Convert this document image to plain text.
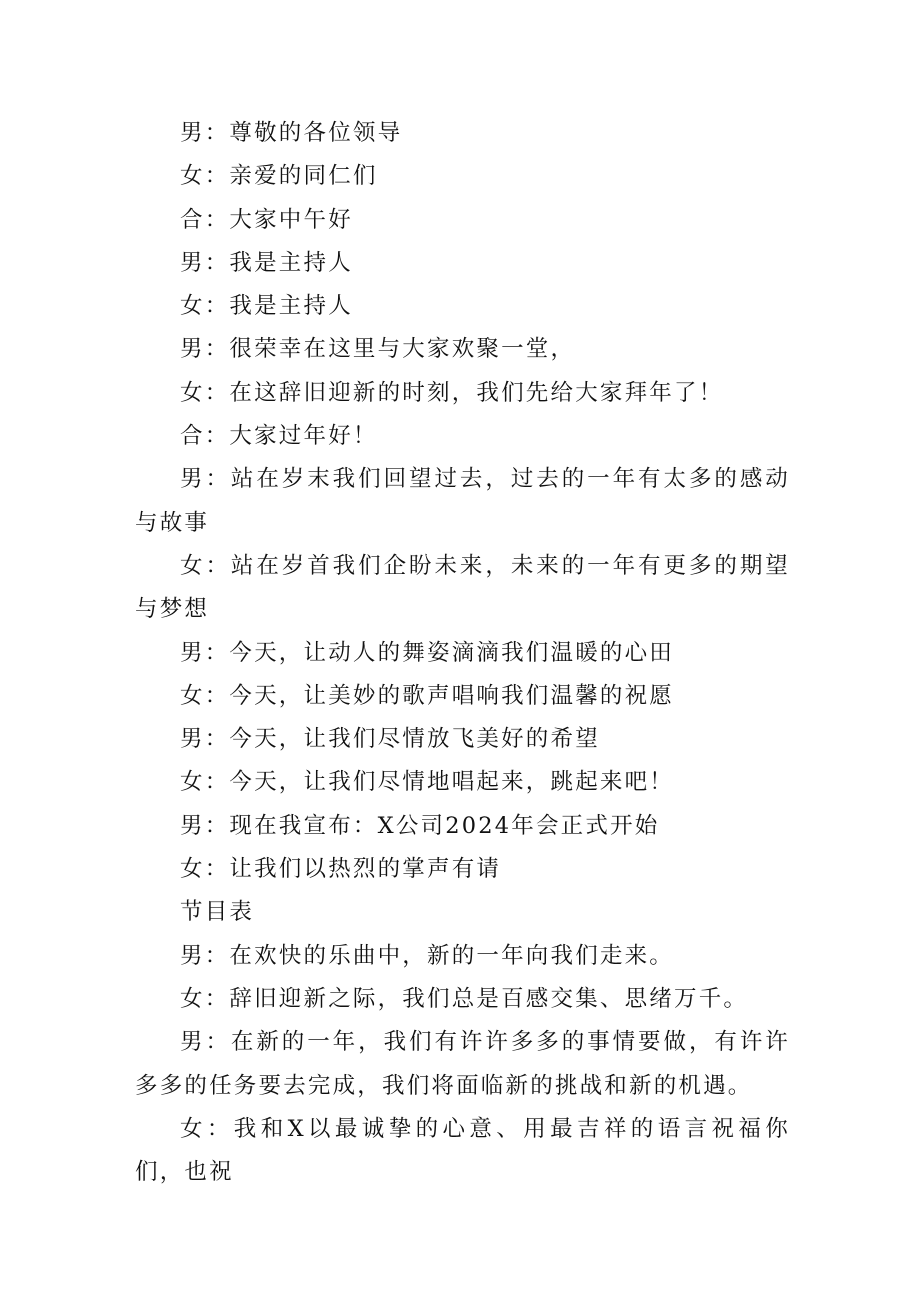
男：尊敬的各位领导

女：亲爱的同仁们

合：大家中午好

男：我是主持人

女：我是主持人

男：很荣幸在这里与大家欢聚一堂，

女：在这辞旧迎新的时刻，我们先给大家拜年了！

合：大家过年好！

男：站在岁末我们回望过去，过去的一年有太多的感动与故事

女：站在岁首我们企盼未来，未来的一年有更多的期望与梦想

男：今天，让动人的舞姿滴滴我们温暖的心田

女：今天，让美妙的歌声唱响我们温馨的祝愿

男：今天，让我们尽情放飞美好的希望

女：今天，让我们尽情地唱起来，跳起来吧！

男：现在我宣布：X公司2024年会正式开始

女：让我们以热烈的掌声有请

节目表

男：在欢快的乐曲中，新的一年向我们走来。

女：辞旧迎新之际，我们总是百感交集、思绪万千。

男：在新的一年，我们有许许多多的事情要做，有许许多多的任务要去完成，我们将面临新的挑战和新的机遇。

女：我和X以最诚挚的心意、用最吉祥的语言祝福你们，也祝
